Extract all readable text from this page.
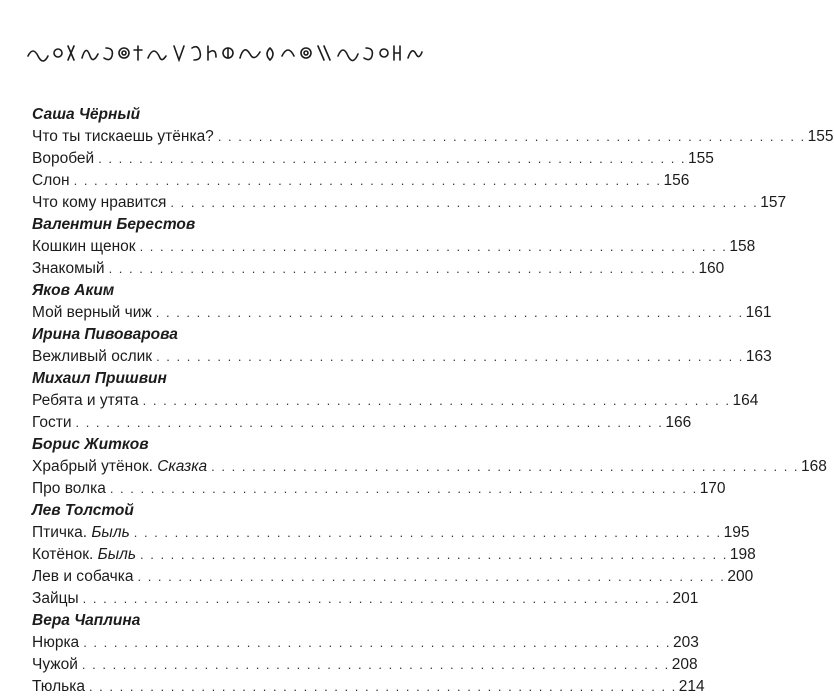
Саша Чёрный
Что ты тискаешь утёнка? . . . . . . . . . . . . . . . . . . . . . . . . . . . . . . . . . . . . . . . . . . . . . . . . . . . . . . . . . . 155
Воробей . . . . . . . . . . . . . . . . . . . . . . . . . . . . . . . . . . . . . . . . . . . . . . . . . . . . . . . . . . 155
Слон . . . . . . . . . . . . . . . . . . . . . . . . . . . . . . . . . . . . . . . . . . . . . . . . . . . . . . . . . . 156
Что кому нравится . . . . . . . . . . . . . . . . . . . . . . . . . . . . . . . . . . . . . . . . . . . . . . . . . . . . . . . . . . 157
Валентин Берестов
Кошкин щенок . . . . . . . . . . . . . . . . . . . . . . . . . . . . . . . . . . . . . . . . . . . . . . . . . . . . . . . . . . 158
Знакомый . . . . . . . . . . . . . . . . . . . . . . . . . . . . . . . . . . . . . . . . . . . . . . . . . . . . . . . . . . 160
Яков Аким
Мой верный чиж . . . . . . . . . . . . . . . . . . . . . . . . . . . . . . . . . . . . . . . . . . . . . . . . . . . . . . . . . . 161
Ирина Пивоварова
Вежливый ослик . . . . . . . . . . . . . . . . . . . . . . . . . . . . . . . . . . . . . . . . . . . . . . . . . . . . . . . . . . 163
Михаил Пришвин
Ребята и утята . . . . . . . . . . . . . . . . . . . . . . . . . . . . . . . . . . . . . . . . . . . . . . . . . . . . . . . . . . 164
Гости . . . . . . . . . . . . . . . . . . . . . . . . . . . . . . . . . . . . . . . . . . . . . . . . . . . . . . . . . . 166
Борис Житков
Храбрый утёнок. Сказка . . . . . . . . . . . . . . . . . . . . . . . . . . . . . . . . . . . . . . . . . . . . . . . . . . . . . . . . . . 168
Про волка . . . . . . . . . . . . . . . . . . . . . . . . . . . . . . . . . . . . . . . . . . . . . . . . . . . . . . . . . . 170
Лев Толстой
Птичка. Быль . . . . . . . . . . . . . . . . . . . . . . . . . . . . . . . . . . . . . . . . . . . . . . . . . . . . . . . . . . 195
Котёнок. Быль . . . . . . . . . . . . . . . . . . . . . . . . . . . . . . . . . . . . . . . . . . . . . . . . . . . . . . . . . . 198
Лев и собачка . . . . . . . . . . . . . . . . . . . . . . . . . . . . . . . . . . . . . . . . . . . . . . . . . . . . . . . . . . 200
Зайцы . . . . . . . . . . . . . . . . . . . . . . . . . . . . . . . . . . . . . . . . . . . . . . . . . . . . . . . . . . 201
Вера Чаплина
Нюрка . . . . . . . . . . . . . . . . . . . . . . . . . . . . . . . . . . . . . . . . . . . . . . . . . . . . . . . . . . 203
Чужой . . . . . . . . . . . . . . . . . . . . . . . . . . . . . . . . . . . . . . . . . . . . . . . . . . . . . . . . . . 208
Тюлька . . . . . . . . . . . . . . . . . . . . . . . . . . . . . . . . . . . . . . . . . . . . . . . . . . . . . . . . . . 214
